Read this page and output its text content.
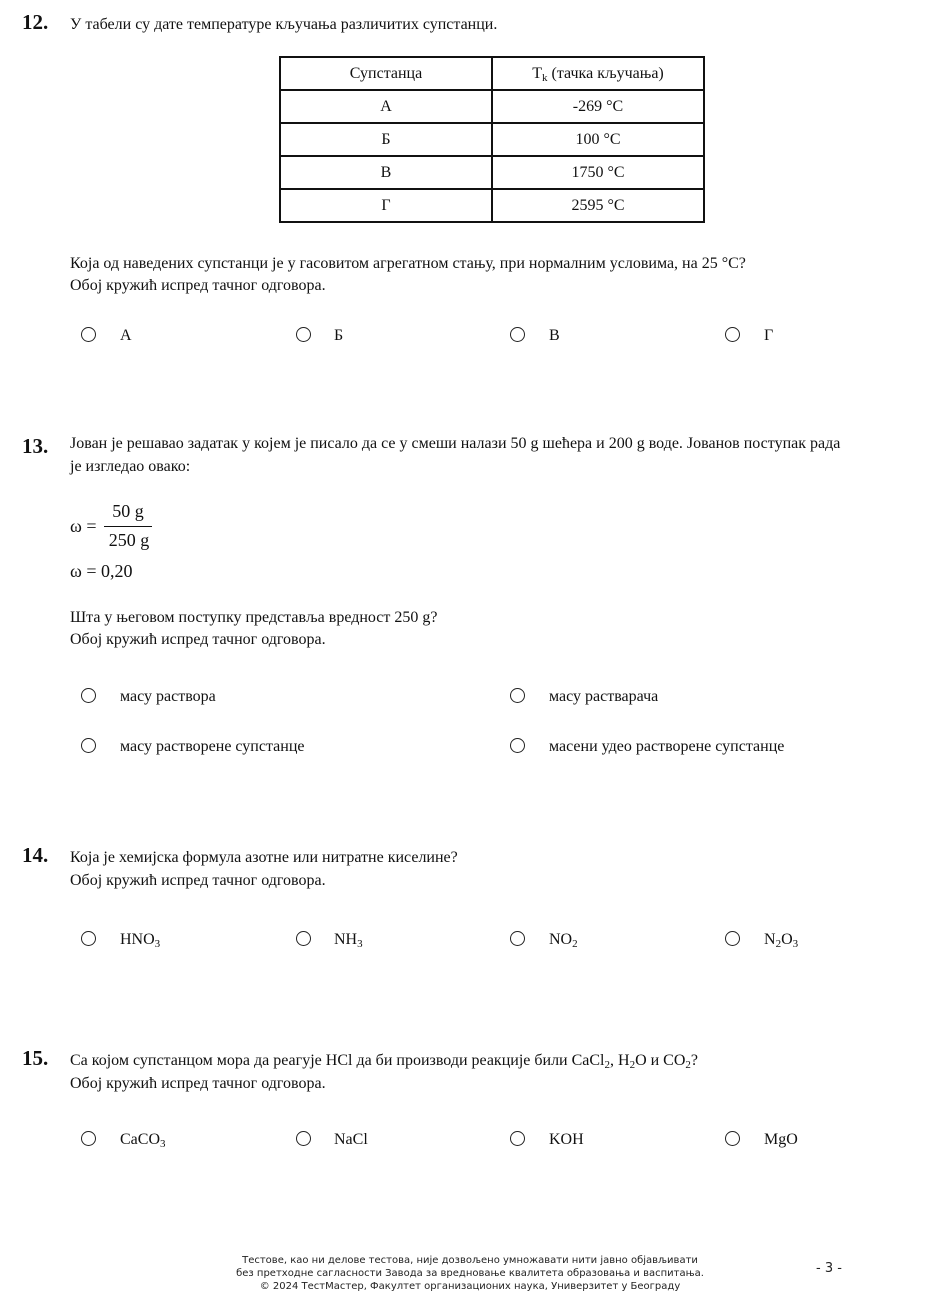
12. У табели су дате температуре кључања различитих супстанци.
Супстанца	$T_k$ (тачка кључања)
А	-269 °C
Б	100 °C
В	1750 °C
Г	2595 °C
Која од наведених супстанци је у гасовитом агрегатном стању, при нормалним условима, на 25 °C?
Обој кружић испред тачног одговора.
А	Б	В	Г
13. Јован је решавао задатак у којем је писало да се у смеши налази 50 g шећера и 200 g воде. Јованов поступак рада
је изгледао овако:
ω =
50 g
250 g
ω = 0,20
Шта у његовом поступку представља вредност 250 g?
Обој кружић испред тачног одговора.
масу раствора	масу растварача
масу растворене супстанце	масени удео растворене супстанце
14. Која је хемијска формула азотне или нитратне киселине?
Обој кружић испред тачног одговора.
$HNO_3$	$NH_3$	$NO_2$	$N_2O_3$
15. Са којом супстанцом мора да реагује HCl да би производи реакције били CaCl$_2$, $H_2O$ и $CO_2$?
Обој кружић испред тачног одговора.
CaCO$_3$	NaCl	KOH	MgO
Тестове, као ни делове тестова, није дозвољено умножавати нити јавно објављивати
без претходне сагласности Завода за вредновање квалитета образовања и васпитања.
© 2024 ТестМастер, Факултет организационих наука, Универзитет у Београду
- 3 -
